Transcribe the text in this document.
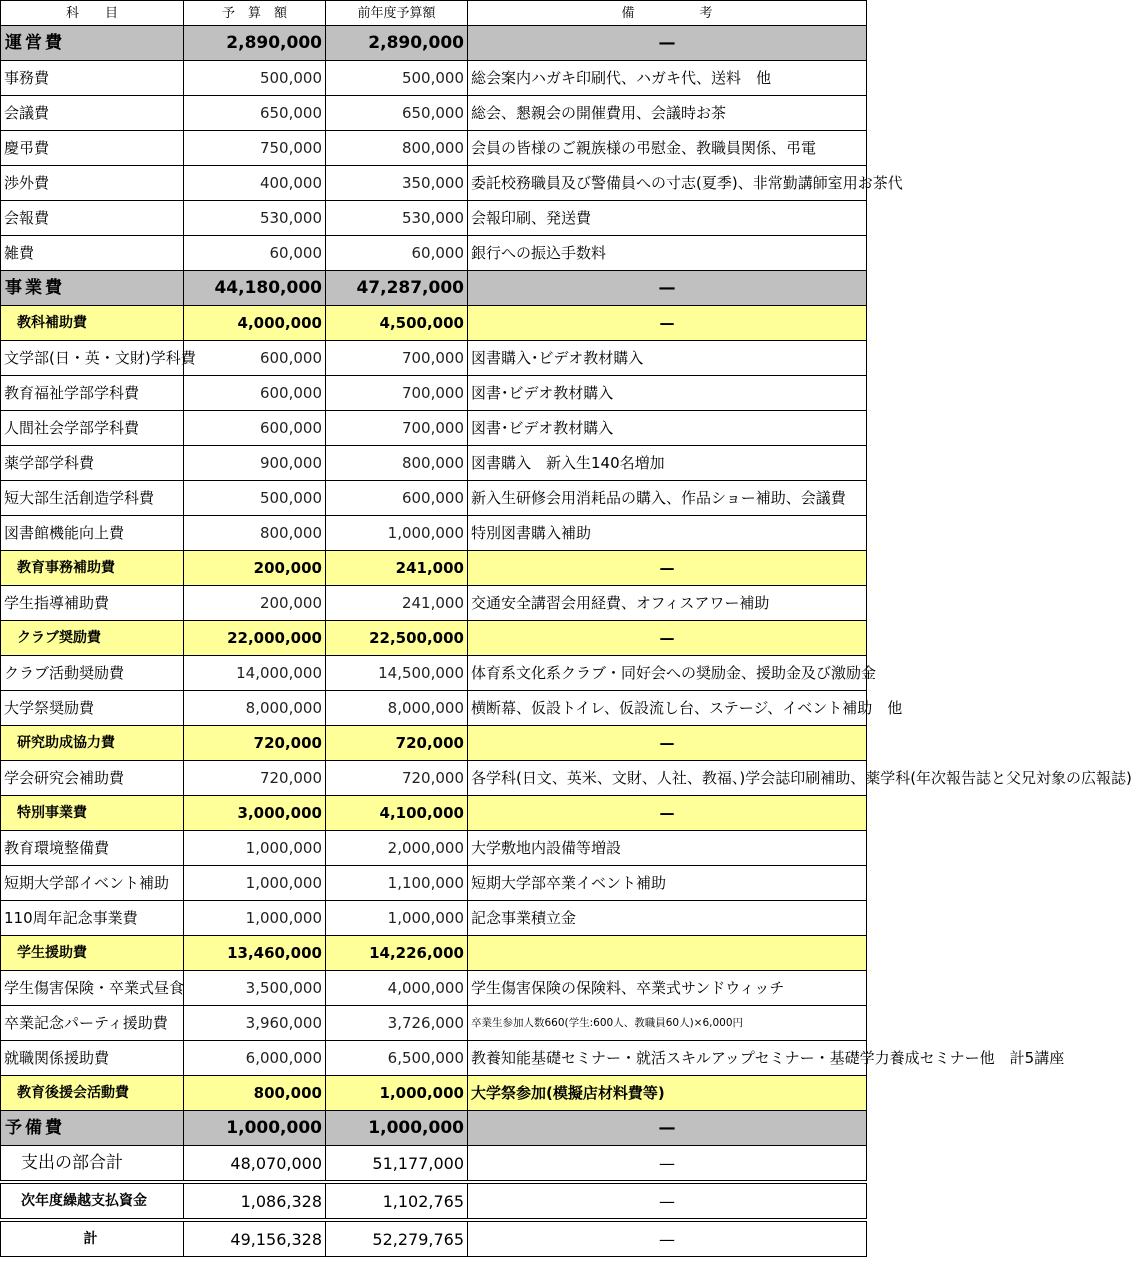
科　　目	予　算　額	前年度予算額	備　　　　　考
運営費	2,890,000	2,890,000	—
事務費	500,000	500,000	総会案内ハガキ印刷代、ハガキ代、送料　他
会議費	650,000	650,000	総会、懇親会の開催費用、会議時お茶
慶弔費	750,000	800,000	会員の皆様のご親族様の弔慰金、教職員関係、弔電
渉外費	400,000	350,000	委託校務職員及び警備員への寸志(夏季)、非常勤講師室用お茶代
会報費	530,000	530,000	会報印刷、発送費
雑費	60,000	60,000	銀行への振込手数料
事業費	44,180,000	47,287,000	—
教科補助費	4,000,000	4,500,000	—
文学部(日・英・文財)学科費	600,000	700,000	図書購入･ビデオ教材購入
教育福祉学部学科費	600,000	700,000	図書･ビデオ教材購入
人間社会学部学科費	600,000	700,000	図書･ビデオ教材購入
薬学部学科費	900,000	800,000	図書購入　新入生140名増加
短大部生活創造学科費	500,000	600,000	新入生研修会用消耗品の購入、作品ショー補助、会議費
図書館機能向上費	800,000	1,000,000	特別図書購入補助
教育事務補助費	200,000	241,000	—
学生指導補助費	200,000	241,000	交通安全講習会用経費、オフィスアワー補助
クラブ奨励費	22,000,000	22,500,000	—
クラブ活動奨励費	14,000,000	14,500,000	体育系文化系クラブ・同好会への奨励金、援助金及び激励金
大学祭奨励費	8,000,000	8,000,000	横断幕、仮設トイレ、仮設流し台、ステージ、イベント補助　他
研究助成協力費	720,000	720,000	—
学会研究会補助費	720,000	720,000	各学科(日文、英米、文財、人社、教福、)学会誌印刷補助、薬学科(年次報告誌と父兄対象の広報誌)
特別事業費	3,000,000	4,100,000	—
教育環境整備費	1,000,000	2,000,000	大学敷地内設備等増設
短期大学部イベント補助	1,000,000	1,100,000	短期大学部卒業イベント補助
110周年記念事業費	1,000,000	1,000,000	記念事業積立金
学生援助費	13,460,000	14,226,000	
学生傷害保険・卒業式昼食	3,500,000	4,000,000	学生傷害保険の保険料、卒業式サンドウィッチ
卒業記念パーティ援助費	3,960,000	3,726,000	卒業生参加人数660(学生:600人、教職員60人)×6,000円
就職関係援助費	6,000,000	6,500,000	教養知能基礎セミナー・就活スキルアップセミナー・基礎学力養成セミナー他　計5講座
教育後援会活動費	800,000	1,000,000	大学祭参加(模擬店材料費等)
予備費	1,000,000	1,000,000	—
支出の部合計	48,070,000	51,177,000	—

次年度繰越支払資金	1,086,328	1,102,765	—

計	49,156,328	52,279,765	—
